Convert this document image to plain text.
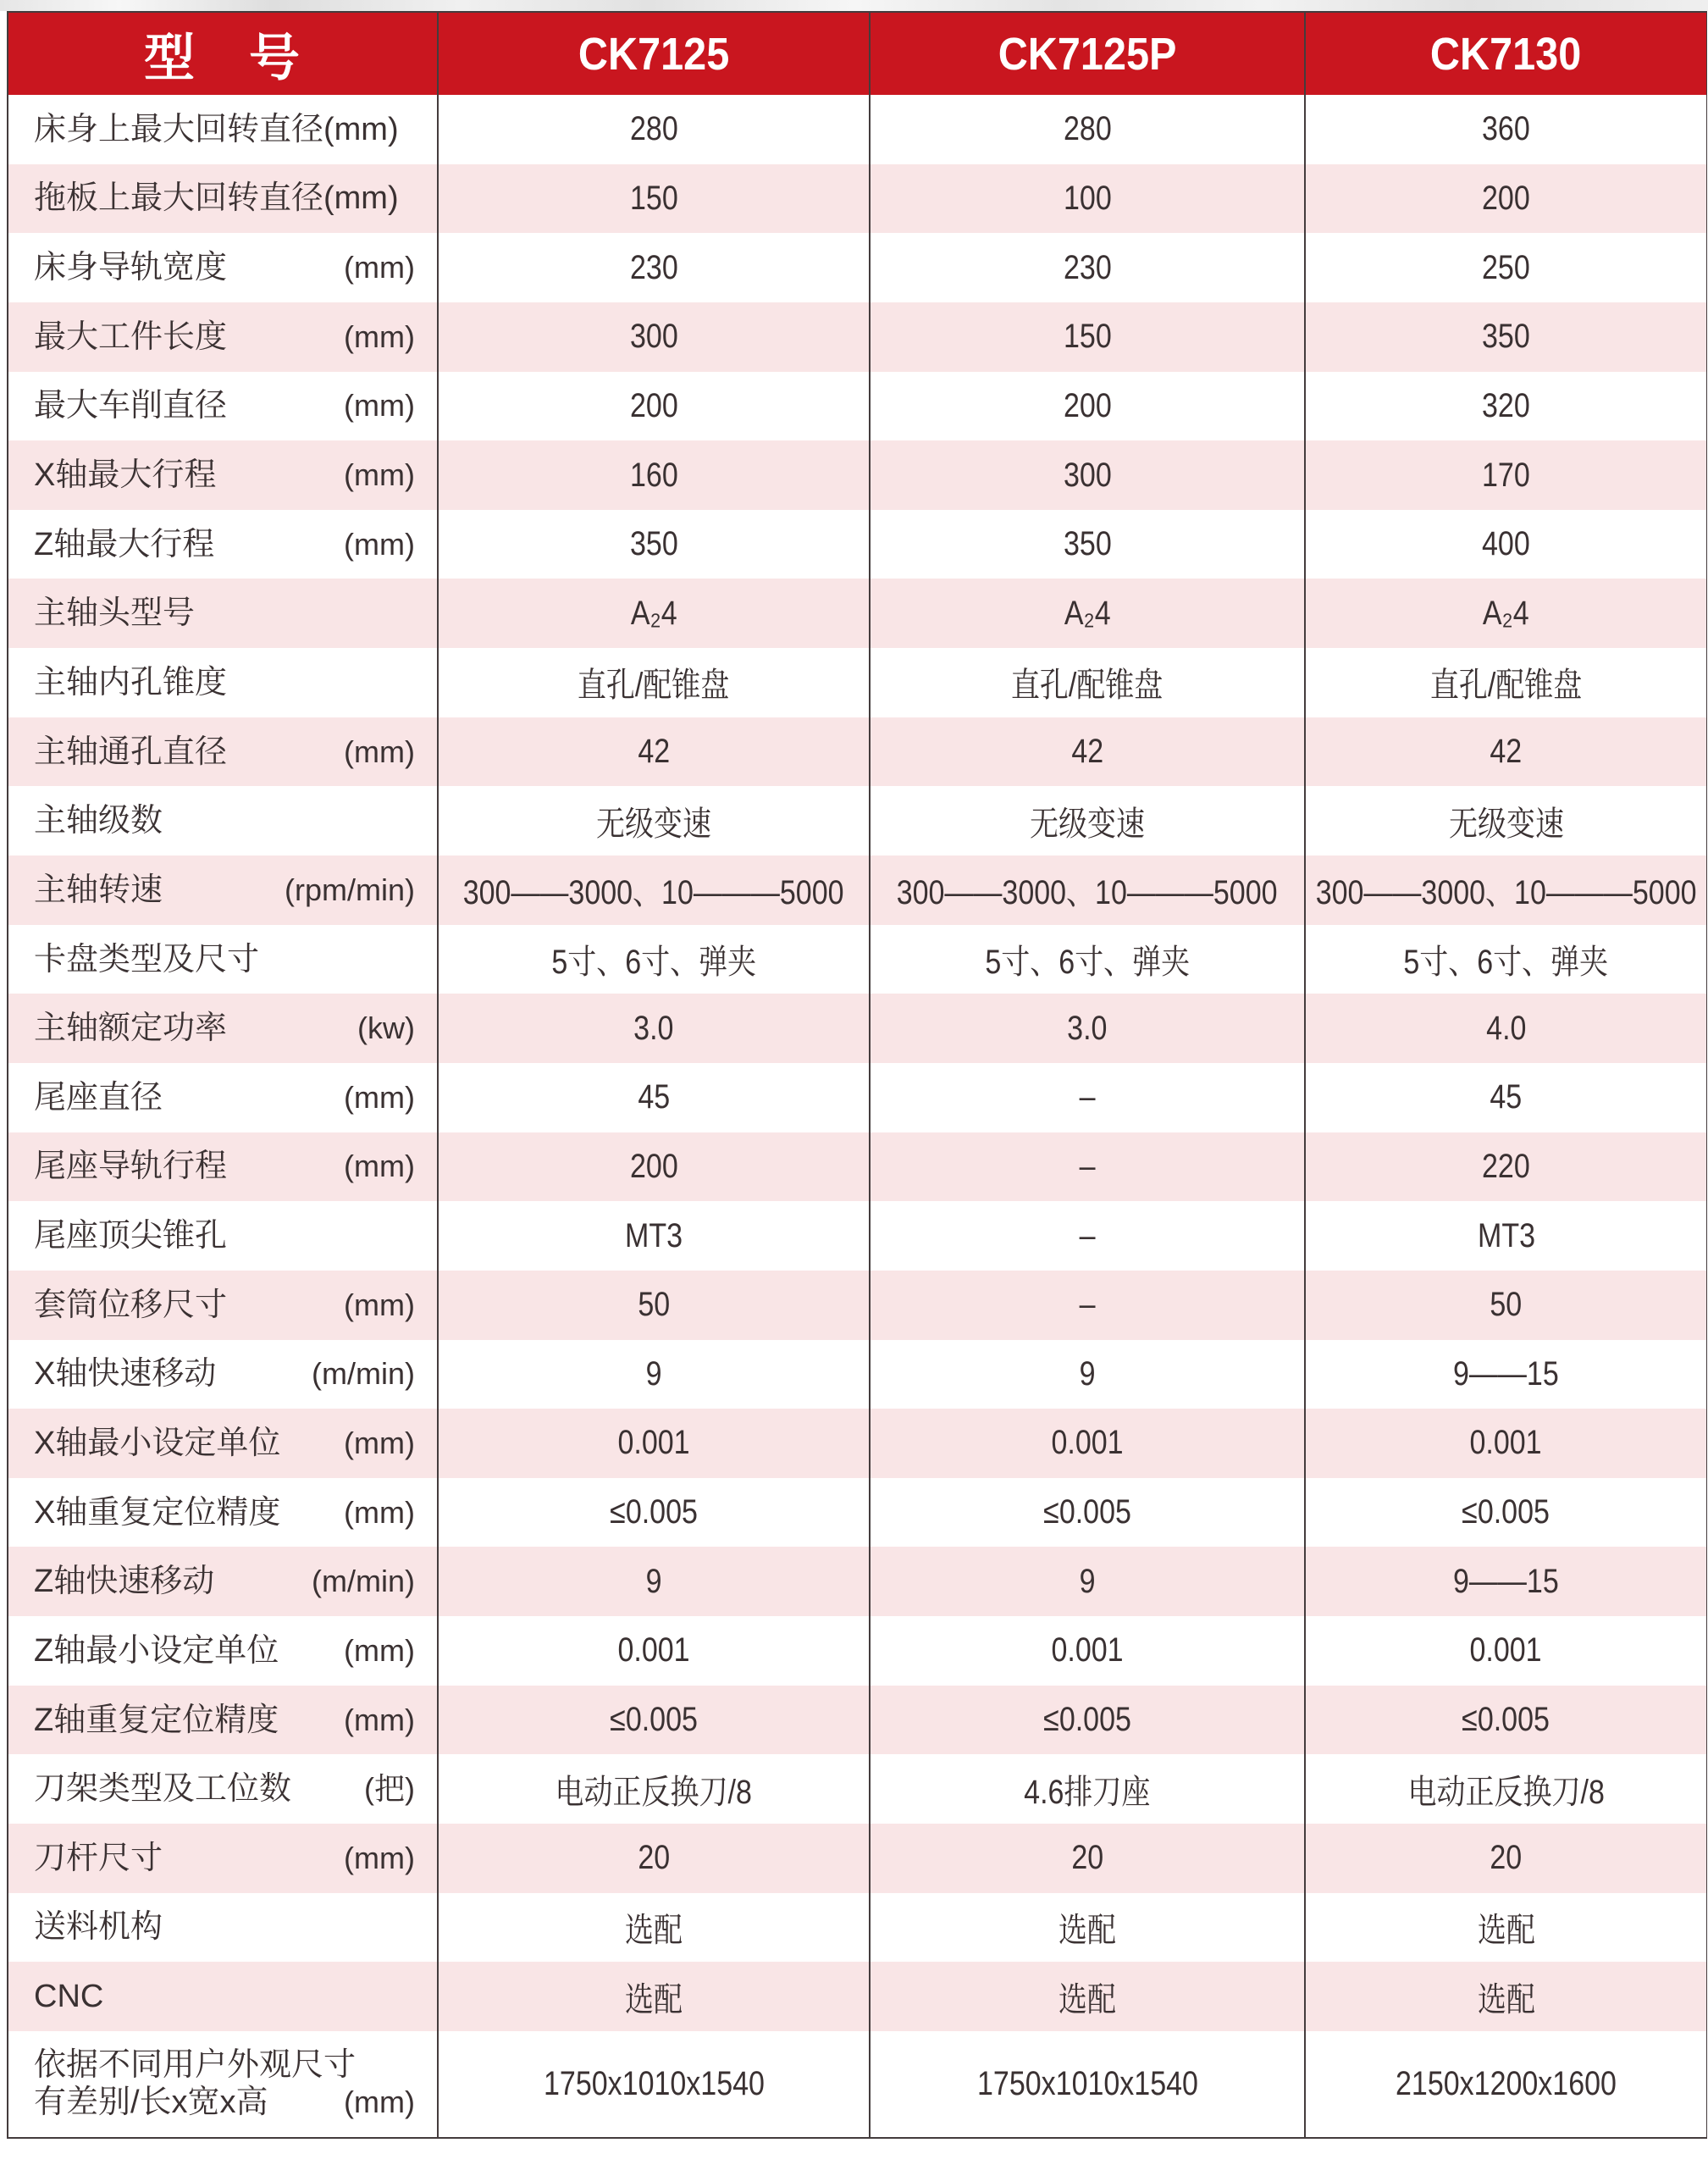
型　号	CK7125	CK7125P	CK7130
床身上最大回转直径(mm)	280	280	360
拖板上最大回转直径(mm)	150	100	200
床身导轨宽度	(mm)	230	230	250
最大工件长度	(mm)	300	150	350
最大车削直径	(mm)	200	200	320
X轴最大行程	(mm)	160	300	170
Z轴最大行程	(mm)	350	350	400
主轴头型号	A₂4	A₂4	A₂4
主轴内孔锥度	直孔/配锥盘	直孔/配锥盘	直孔/配锥盘
主轴通孔直径	(mm)	42	42	42
主轴级数	无级变速	无级变速	无级变速
主轴转速	(rpm/min) 300——3000、10———5000 300——3000、10———5000 300——3000、10———5000
卡盘类型及尺寸	5寸、6寸、弹夹	5寸、6寸、弹夹	5寸、6寸、弹夹
主轴额定功率	(kw)	3.0	3.0	4.0
尾座直径	(mm)	45	–	45
尾座导轨行程	(mm)	200	–	220
尾座顶尖锥孔	MT3	–	MT3
套筒位移尺寸	(mm)	50	–	50
X轴快速移动	(m/min)	9	9	9——15
X轴最小设定单位 (mm)	0.001	0.001	0.001
X轴重复定位精度 (mm)	≤0.005	≤0.005	≤0.005
Z轴快速移动	(m/min)	9	9	9——15
Z轴最小设定单位 (mm)	0.001	0.001	0.001
Z轴重复定位精度 (mm)	≤0.005	≤0.005	≤0.005
刀架类型及工位数 (把)	电动正反换刀/8	4.6排刀座	电动正反换刀/8
刀杆尺寸	(mm)	20	20	20
送料机构	选配	选配	选配
CNC	选配	选配	选配
依据不同用户外观尺寸
有差别/长x宽x高 (mm)	1750x1010x1540	1750x1010x1540	2150x1200x1600
